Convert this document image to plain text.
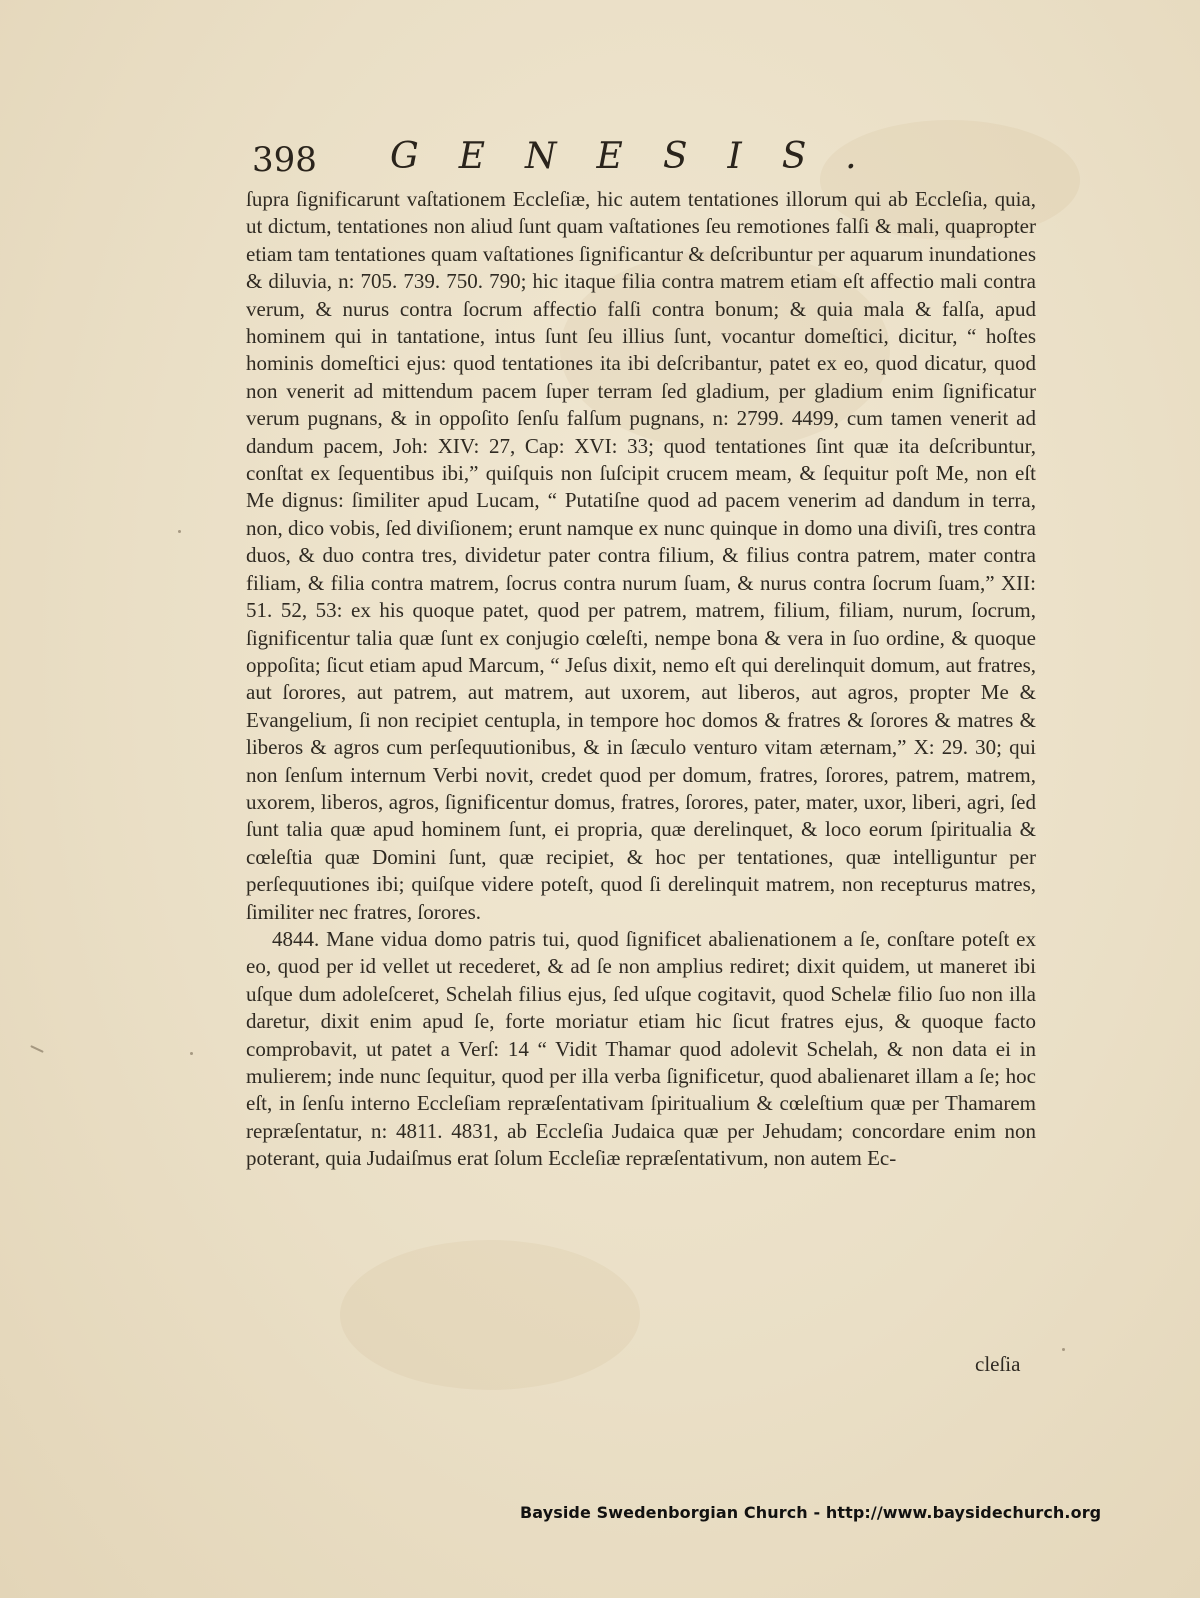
398 GENESIS.

ſupra ſignificarunt vaſtationem Eccleſiæ, hic autem tentationes illorum qui ab Eccleſia, quia, ut dictum, tentationes non aliud ſunt quam vaſtationes ſeu remotiones falſi & mali, quapropter etiam tam tentationes quam vaſtationes ſignificantur & deſcribuntur per aquarum inundationes & diluvia, n: 705. 739. 750. 790; hic itaque filia contra matrem etiam eſt affectio mali contra verum, & nurus contra ſocrum affectio falſi contra bonum; & quia mala & falſa, apud hominem qui in tantatione, intus ſunt ſeu illius ſunt, vocantur domeſtici, dicitur, “ hoſtes hominis domeſtici ejus: quod tentationes ita ibi deſcribantur, patet ex eo, quod dicatur, quod non venerit ad mittendum pacem ſuper terram ſed gladium, per gladium enim ſignificatur verum pugnans, & in oppoſito ſenſu falſum pugnans, n: 2799. 4499, cum tamen venerit ad dandum pacem, Joh: XIV: 27, Cap: XVI: 33; quod tentationes ſint quæ ita deſcribuntur, conſtat ex ſequentibus ibi,” quiſquis non ſuſcipit crucem meam, & ſequitur poſt Me, non eſt Me dignus: ſimiliter apud Lucam, “ Putatiſne quod ad pacem venerim ad dandum in terra, non, dico vobis, ſed diviſionem; erunt namque ex nunc quinque in domo una diviſi, tres contra duos, & duo contra tres, dividetur pater contra filium, & filius contra patrem, mater contra filiam, & filia contra matrem, ſocrus contra nurum ſuam, & nurus contra ſocrum ſuam,” XII: 51. 52, 53: ex his quoque patet, quod per patrem, matrem, filium, filiam, nurum, ſocrum, ſignificentur talia quæ ſunt ex conjugio cœleſti, nempe bona & vera in ſuo ordine, & quoque oppoſita; ſicut etiam apud Marcum, “ Jeſus dixit, nemo eſt qui derelinquit domum, aut fratres, aut ſorores, aut patrem, aut matrem, aut uxorem, aut liberos, aut agros, propter Me & Evangelium, ſi non recipiet centupla, in tempore hoc domos & fratres & ſorores & matres & liberos & agros cum perſequutionibus, & in ſæculo venturo vitam æternam,” X: 29. 30; qui non ſenſum internum Verbi novit, credet quod per domum, fratres, ſorores, patrem, matrem, uxorem, liberos, agros, ſignificentur domus, fratres, ſorores, pater, mater, uxor, liberi, agri, ſed ſunt talia quæ apud hominem ſunt, ei propria, quæ derelinquet, & loco eorum ſpiritualia & cœleſtia quæ Domini ſunt, quæ recipiet, & hoc per tentationes, quæ intelliguntur per perſequutiones ibi; quiſque videre poteſt, quod ſi derelinquit matrem, non recepturus matres, ſimiliter nec fratres, ſorores.

4844. Mane vidua domo patris tui, quod ſignificet abalienationem a ſe, conſtare poteſt ex eo, quod per id vellet ut recederet, & ad ſe non amplius rediret; dixit quidem, ut maneret ibi uſque dum adoleſceret, Schelah filius ejus, ſed uſque cogitavit, quod Schelæ filio ſuo non illa daretur, dixit enim apud ſe, forte moriatur etiam hic ſicut fratres ejus, & quoque facto comprobavit, ut patet a Verſ: 14 “ Vidit Thamar quod adolevit Schelah, & non data ei in mulierem; inde nunc ſequitur, quod per illa verba ſignificetur, quod abalienaret illam a ſe; hoc eſt, in ſenſu interno Eccleſiam repræſentativam ſpiritualium & cœleſtium quæ per Thamarem repræſentatur, n: 4811. 4831, ab Eccleſia Judaica quæ per Jehudam; concordare enim non poterant, quia Judaiſmus erat ſolum Eccleſiæ repræſentativum, non autem Ec-

cleſia
Bayside Swedenborgian Church - http://www.baysidechurch.org
